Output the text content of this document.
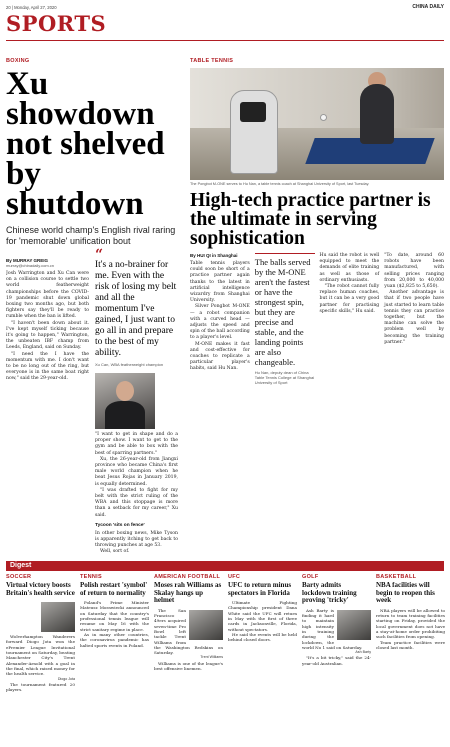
20 | Monday, April 27, 2020	CHINA DAILY
SPORTS
BOXING
Xu showdown not shelved by shutdown
Chinese world champ's English rival raring for 'memorable' unification bout
By MURRAY GREIG
murray@chinadaily.com.cn

Josh Warrington and Xu Can were on a collision course to settle two world featherweight championships before the COVID-19 pandemic shut down global boxing two months ago, but both fighters say they'll be ready to rumble when the ban is lifted.

"I haven't been down about it. I've kept myself ticking because it's going to happen," Warrington, the unbeaten IBF champ from Leeds, England, said on Sunday.

"I need the I have the momentum with me. I don't want to be no long out of the ring, but everyone is in the same boat right now," said the 29-year-old.

“
It's a no-brainer for me. Even with the risk of losing my belt and all the momentum I've gained, I just want to go all in and prepare to the best of my ability.
Xu Can, WBA featherweight champion

"I want to get in shape and do a proper show. I want to get to the gym and be able to box with the best of sparring partners."

Xu, the 26-year-old from Jiangxi province who became China's first male world champion when he beat Jesus Rojas in January 2019, is equally determined.

"I was drafted to fight for my belt with the strict ruling of the WBA and this stoppage is more than a setback for my career," Xu said.

Tycoon 'sits on fence'

In other boxing news, Mike Tyson is apparently itching to get back to throwing punches at age 53.

Well, sort of.

TABLE TENNIS
The Pongbot M-ONE serves to Hu Nan, a table tennis coach at Shanghai University of Sport, last Tuesday.
High-tech practice partner is the ultimate in serving sophistication
By HUI QI in Shanghai

Table tennis players could soon be short of a practice partner again thanks to the latest in artificial intelligence wizardry from Shanghai University.

Silver Pongbot M-ONE — a robot companion with a curved head — adjusts the speed and spin of the ball according to a player's level.

M-ONE makes it fast and cost-effective for coaches to replicate a particular player's habits, said Hu Nan.

The balls served by the M-ONE aren't the fastest or have the strongest spin, but they are precise and stable, and the landing points are also changeable.
Hu Nan, deputy dean of China Table Tennis College at Shanghai University of Sport

Hu said the robot is well equipped to meet the demands of elite training as well as those of ordinary enthusiasts.

"The robot cannot fully replace human coaches, but it can be a very good partner for practising specific skills," Hu said.

"To date, around 60 robots have been manufactured, with selling prices ranging from 20,000 to 40,000 yuan ($2,825 to 5,650).

Another advantage is that if two people have just started to learn table tennis they can practice together, but the machine can solve the problem well by becoming the training partner."

Digest
SOCCER
Virtual victory boosts Britain's health service

Wolverhampton Wanderers forward Diogo Jota won the ePremier League Invitational tournament on Saturday, beating Manchester City's Trent Alexander-Arnold with a goal in the final, which raised money for the health service.

Diogo Jota

The tournament featured 20 players.

TENNIS
Polish restart 'symbol' of return to normality

Poland's Prime Minister Mateusz Morawiecki announced on Saturday that the country's professional tennis league will resume on May 16 with the strict sanitary regime in place.

As in many other countries, the coronavirus pandemic has halted sports events in Poland.

AMERICAN FOOTBALL
Moses rah Williams as Skalay hangs up helmet

The San Francisco 49ers acquired seven-time Pro Bowl left tackle Trent Williams from the Washington Redskins on Saturday.

Trent Williams

Williams is one of the league's best offensive linemen.

UFC
UFC to return minus spectators in Florida

Ultimate Fighting Championship president Dana White said the UFC will return in May with the first of three cards in Jacksonville, Florida, without spectators.

He said the events will be held behind closed doors.

GOLF
Barty admits lockdown training proving 'tricky'

Ash Barty is finding it hard to maintain high intensity in training during the lockdown, the world No 1 said on Saturday.

Ash Barty

"It's a bit tricky," said the 24-year-old Australian.

BASKETBALL
NBA facilities will begin to reopen this week

NBA players will be allowed to return to team training facilities starting on Friday, provided the local government does not have a stay-at-home order prohibiting such facilities from opening.

Team practice facilities were closed last month.
